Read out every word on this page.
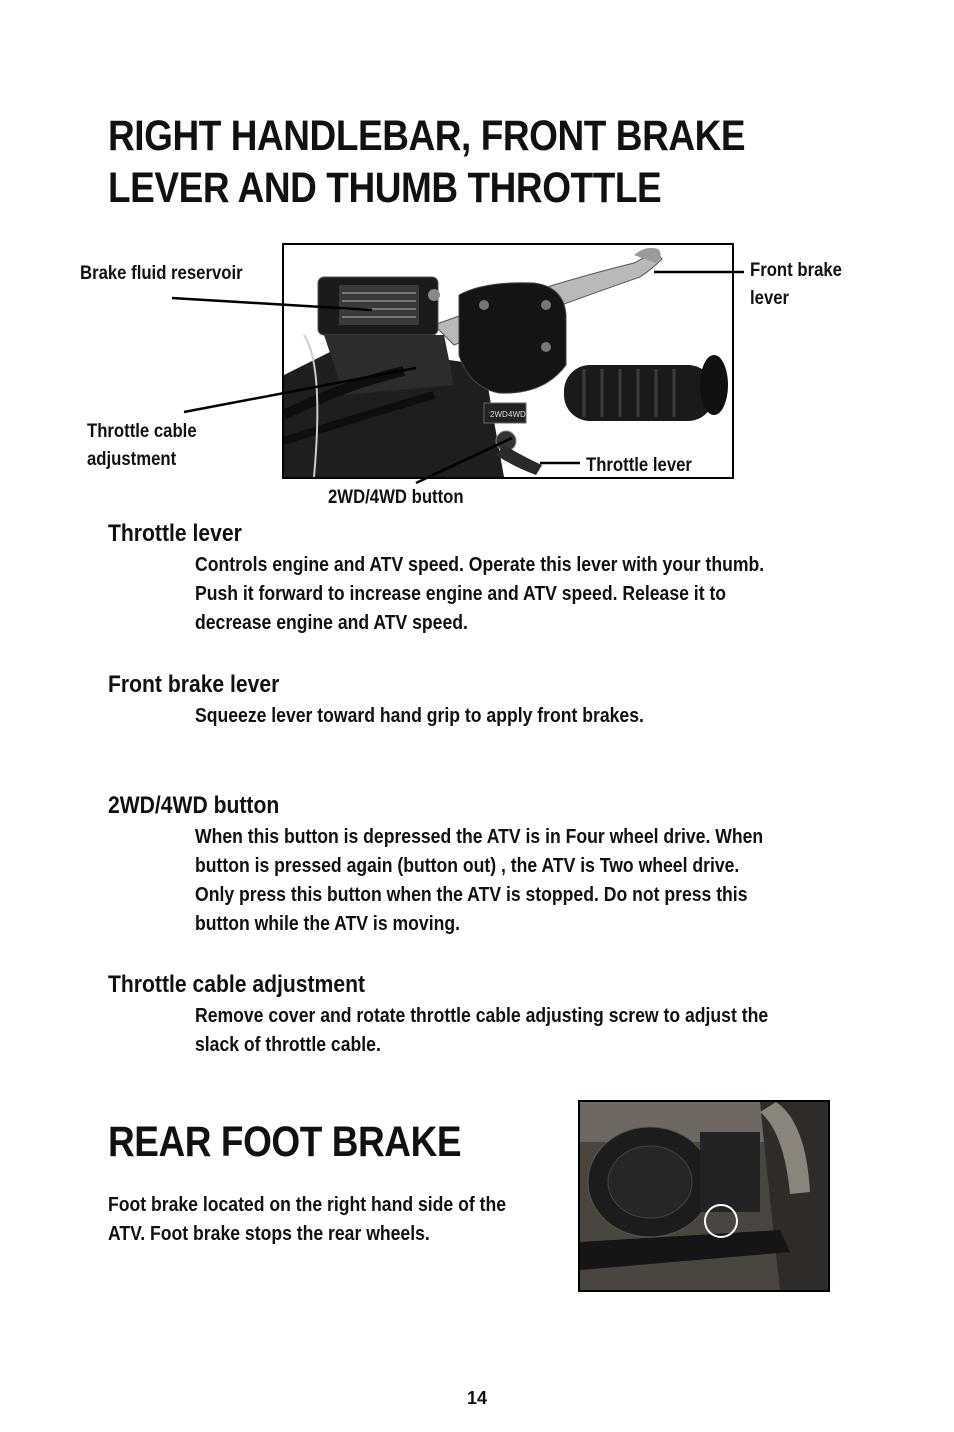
RIGHT HANDLEBAR, FRONT BRAKE
LEVER AND THUMB THROTTLE
2WD 4WD
Brake fluid reservoir	Front brake
lever
Throttle cable
adjustment	Throttle lever
2WD/4WD button
Throttle lever
Controls engine and ATV speed. Operate this lever with your thumb.
Push it forward to increase engine and ATV speed. Release it to
decrease engine and ATV speed.
Front brake lever
Squeeze lever toward hand grip to apply front brakes.
2WD/4WD button
When this button is depressed the ATV is in Four wheel drive. When
button is pressed again (button out) , the ATV is Two wheel drive.
Only press this button when the ATV is stopped. Do not press this
button while the ATV is moving.
Throttle cable adjustment
Remove cover and rotate throttle cable adjusting screw to adjust the
slack of throttle cable.
REAR FOOT BRAKE
Foot brake located on the right hand side of the
ATV. Foot brake stops the rear wheels.
14
